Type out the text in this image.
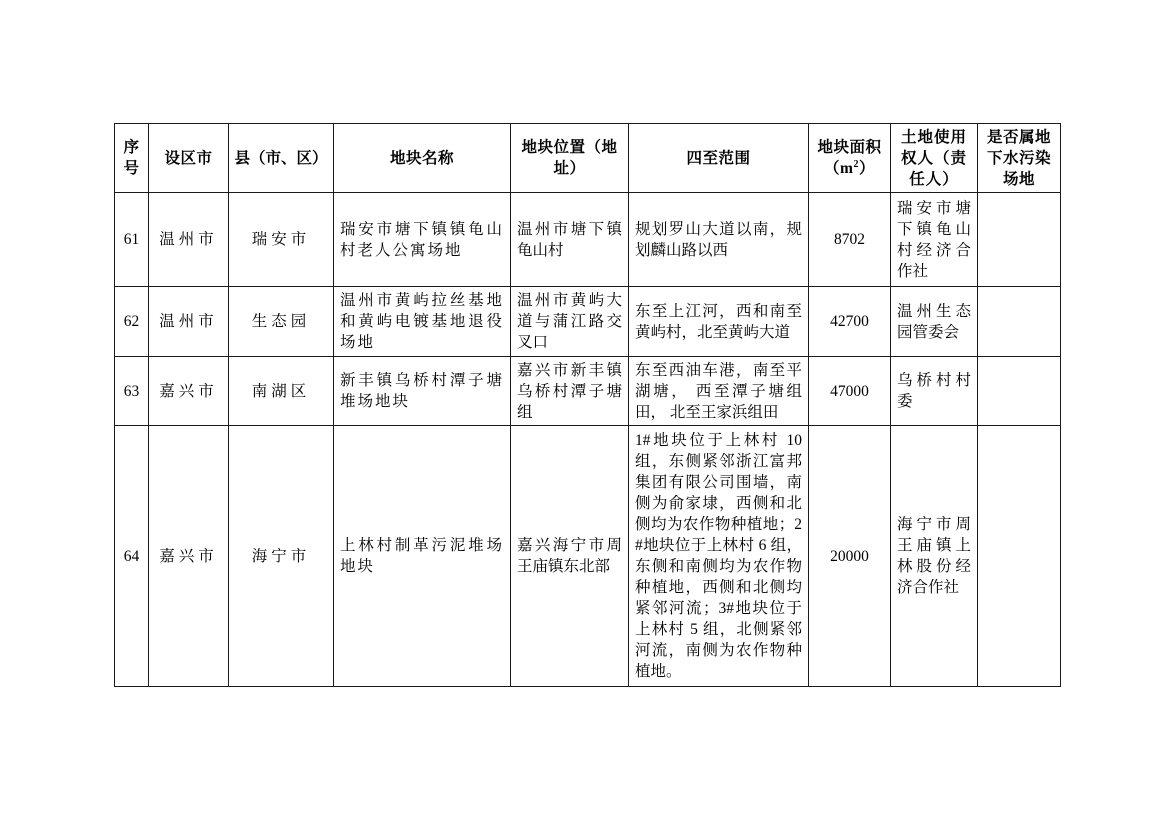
序号	设区市	县（市、区）	地块名称	地块位置（地址）	四至范围	地块面积$(m^2)$	土地使用权人（责任人）	是否属地下水污染场地
61	温州市	瑞安市	瑞安市塘下镇镇龟山村老人公寓场地	温州市塘下镇龟山村	规划罗山大道以南，规划麟山路以西	8702	瑞安市塘下镇龟山村经济合作社	
62	温州市	生态园	温州市黄屿拉丝基地和黄屿电镀基地退役场地	温州市黄屿大道与蒲江路交叉口	东至上江河，西和南至黄屿村，北至黄屿大道	42700	温州生态园管委会	
63	嘉兴市	南湖区	新丰镇乌桥村潭子塘堆场地块	嘉兴市新丰镇乌桥村潭子塘组	东至西油车港，南至平湖塘， 西至潭子塘组田， 北至王家浜组田	47000	乌桥村村委	
64	嘉兴市	海宁市	上林村制革污泥堆场地块	嘉兴海宁市周王庙镇东北部	1#地块位于上林村 10 组，东侧紧邻浙江富邦集团有限公司围墙，南侧为俞家埭，西侧和北侧均为农作物种植地；2#地块位于上林村 6 组，东侧和南侧均为农作物种植地，西侧和北侧均紧邻河流；3#地块位于上林村 5 组，北侧紧邻河流，南侧为农作物种植地。	20000	海宁市周王庙镇上林股份经济合作社	
